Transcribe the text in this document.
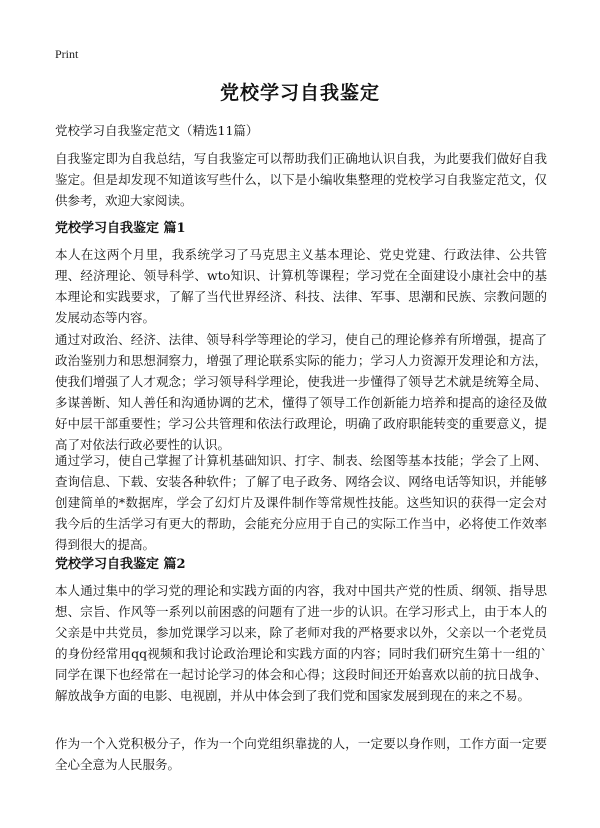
Print
党校学习自我鉴定
党校学习自我鉴定范文（精选11篇）
自我鉴定即为自我总结，写自我鉴定可以帮助我们正确地认识自我，为此要我们做好自我鉴定。但是却发现不知道该写些什么，以下是小编收集整理的党校学习自我鉴定范文，仅供参考，欢迎大家阅读。
党校学习自我鉴定 篇1
本人在这两个月里，我系统学习了马克思主义基本理论、党史党建、行政法律、公共管理、经济理论、领导科学、wto知识、计算机等课程；学习党在全面建设小康社会中的基本理论和实践要求，了解了当代世界经济、科技、法律、军事、思潮和民族、宗教问题的发展动态等内容。
通过对政治、经济、法律、领导科学等理论的学习，使自己的理论修养有所增强，提高了政治鉴别力和思想洞察力，增强了理论联系实际的能力；学习人力资源开发理论和方法，使我们增强了人才观念；学习领导科学理论，使我进一步懂得了领导艺术就是统筹全局、多谋善断、知人善任和沟通协调的艺术，懂得了领导工作创新能力培养和提高的途径及做好中层干部重要性；学习公共管理和依法行政理论，明确了政府职能转变的重要意义，提高了对依法行政必要性的认识。
通过学习，使自己掌握了计算机基础知识、打字、制表、绘图等基本技能；学会了上网、查询信息、下载、安装各种软件；了解了电子政务、网络会议、网络电话等知识，并能够创建简单的*数据库，学会了幻灯片及课件制作等常规性技能。这些知识的获得一定会对我今后的生活学习有更大的帮助，会能充分应用于自己的实际工作当中，必将使工作效率得到很大的提高。
党校学习自我鉴定 篇2
本人通过集中的学习党的理论和实践方面的内容，我对中国共产党的性质、纲领、指导思想、宗旨、作风等一系列以前困惑的问题有了进一步的认识。在学习形式上，由于本人的父亲是中共党员，参加党课学习以来，除了老师对我的严格要求以外，父亲以一个老党员的身份经常用qq视频和我讨论政治理论和实践方面的内容；同时我们研究生第十一组的`同学在课下也经常在一起讨论学习的体会和心得；这段时间还开始喜欢以前的抗日战争、解放战争方面的电影、电视剧，并从中体会到了我们党和国家发展到现在的来之不易。
作为一个入党积极分子，作为一个向党组织靠拢的人，一定要以身作则，工作方面一定要全心全意为人民服务。
